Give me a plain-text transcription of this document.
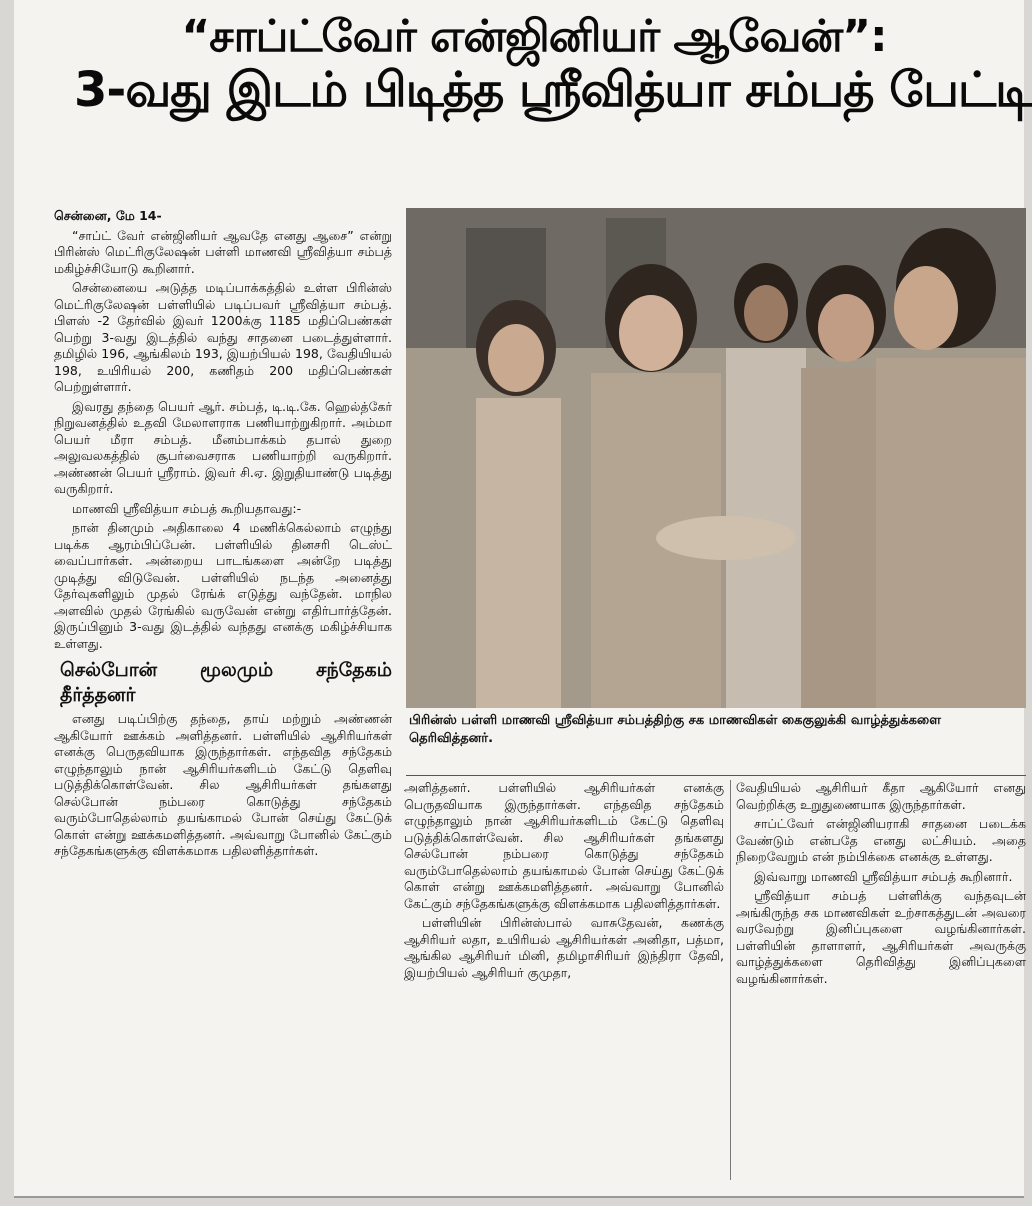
“சாப்ட்வேர் என்ஜினியர் ஆவேன்”:
3-வது இடம் பிடித்த ஸ்ரீவித்யா சம்பத் பேட்டி

சென்னை, மே 14-

“சாப்ட் வேர் என்ஜினியர் ஆவதே எனது ஆசை” என்று பிரின்ஸ் மெட்ரிகுலேஷன் பள்ளி மாணவி ஸ்ரீவித்யா சம்பத் மகிழ்ச்சியோடு கூறினார்.

சென்னையை அடுத்த மடிப்பாக்கத்தில் உள்ள பிரின்ஸ் மெட்ரிகுலேஷன் பள்ளியில் படிப்பவர் ஸ்ரீவித்யா சம்பத். பிளஸ் -2 தேர்வில் இவர் 1200க்கு 1185 மதிப்பெண்கள் பெற்று 3-வது இடத்தில் வந்து சாதனை படைத்துள்ளார். தமிழில் 196, ஆங்கிலம் 193, இயற்பியல் 198, வேதியியல் 198, உயிரியல் 200, கணிதம் 200 மதிப்பெண்கள் பெற்றுள்ளார்.

இவரது தந்தை பெயர் ஆர். சம்பத், டி.டி.கே. ஹெல்த்கேர் நிறுவனத்தில் உதவி மேலாளராக பணியாற்றுகிறார். அம்மா பெயர் மீரா சம்பத். மீனம்பாக்கம் தபால் துறை அலுவலகத்தில் சூபர்வைசராக பணியாற்றி வருகிறார். அண்ணன் பெயர் ஸ்ரீராம். இவர் சி.ஏ. இறுதியாண்டு படித்து வருகிறார்.

மாணவி ஸ்ரீவித்யா சம்பத் கூறியதாவது:-

நான் தினமும் அதிகாலை 4 மணிக்கெல்லாம் எழுந்து படிக்க ஆரம்பிப்பேன். பள்ளியில் தினசரி டெஸ்ட் வைப்பார்கள். அன்றைய பாடங்களை அன்றே படித்து முடித்து விடுவேன். பள்ளியில் நடந்த அனைத்து தேர்வுகளிலும் முதல் ரேங்க் எடுத்து வந்தேன். மாநில அளவில் முதல் ரேங்கில் வருவேன் என்று எதிர்பார்த்தேன். இருப்பினும் 3-வது இடத்தில் வந்தது எனக்கு மகிழ்ச்சியாக உள்ளது.

செல்போன் மூலமும் சந்தேகம் தீர்த்தனர்

எனது படிப்பிற்கு தந்தை, தாய் மற்றும் அண்ணன் ஆகியோர் ஊக்கம் அளித்தனர். பள்ளியில் ஆசிரியர்கள் எனக்கு பெருதவியாக இருந்தார்கள். எந்தவித சந்தேகம் எழுந்தாலும் நான் ஆசிரியர்களிடம் கேட்டு தெளிவு படுத்திக்கொள்வேன். சில ஆசிரியர்கள் தங்களது செல்போன் நம்பரை கொடுத்து சந்தேகம் வரும்போதெல்லாம் தயங்காமல் போன் செய்து கேட்டுக் கொள் என்று ஊக்கமளித்தனர். அவ்வாறு போனில் கேட்கும் சந்தேகங்களுக்கு விளக்கமாக பதிலளித்தார்கள்.

பிரின்ஸ் பள்ளி மாணவி ஸ்ரீவித்யா சம்பத்திற்கு சக மாணவிகள் கைகுலுக்கி வாழ்த்துக்களை தெரிவித்தனர்.

அளித்தனர். பள்ளியில் ஆசிரியர்கள் எனக்கு பெருதவியாக இருந்தார்கள். எந்தவித சந்தேகம் எழுந்தாலும் நான் ஆசிரியர்களிடம் கேட்டு தெளிவு படுத்திக்கொள்வேன். சில ஆசிரியர்கள் தங்களது செல்போன் நம்பரை கொடுத்து சந்தேகம் வரும்போதெல்லாம் தயங்காமல் போன் செய்து கேட்டுக் கொள் என்று ஊக்கமளித்தனர். அவ்வாறு போனில் கேட்கும் சந்தேகங்களுக்கு விளக்கமாக பதிலளித்தார்கள்.

பள்ளியின் பிரின்ஸ்பால் வாசுதேவன், கணக்கு ஆசிரியர் லதா, உயிரியல் ஆசிரியர்கள் அனிதா, பத்மா, ஆங்கில ஆசிரியர் மினி, தமிழாசிரியர் இந்திரா தேவி, இயற்பியல் ஆசிரியர் குமுதா,

வேதியியல் ஆசிரியர் கீதா ஆகியோர் எனது வெற்றிக்கு உறுதுணையாக இருந்தார்கள்.

சாப்ட்வேர் என்ஜினியராகி சாதனை படைக்க வேண்டும் என்பதே எனது லட்சியம். அதை நிறைவேறும் என் நம்பிக்கை எனக்கு உள்ளது.

இவ்வாறு மாணவி ஸ்ரீவித்யா சம்பத் கூறினார்.

ஸ்ரீவித்யா சம்பத் பள்ளிக்கு வந்தவுடன் அங்கிருந்த சக மாணவிகள் உற்சாகத்துடன் அவரை வரவேற்று இனிப்புகளை வழங்கினார்கள். பள்ளியின் தாளாளர், ஆசிரியர்கள் அவருக்கு வாழ்த்துக்களை தெரிவித்து இனிப்புகளை வழங்கினார்கள்.
